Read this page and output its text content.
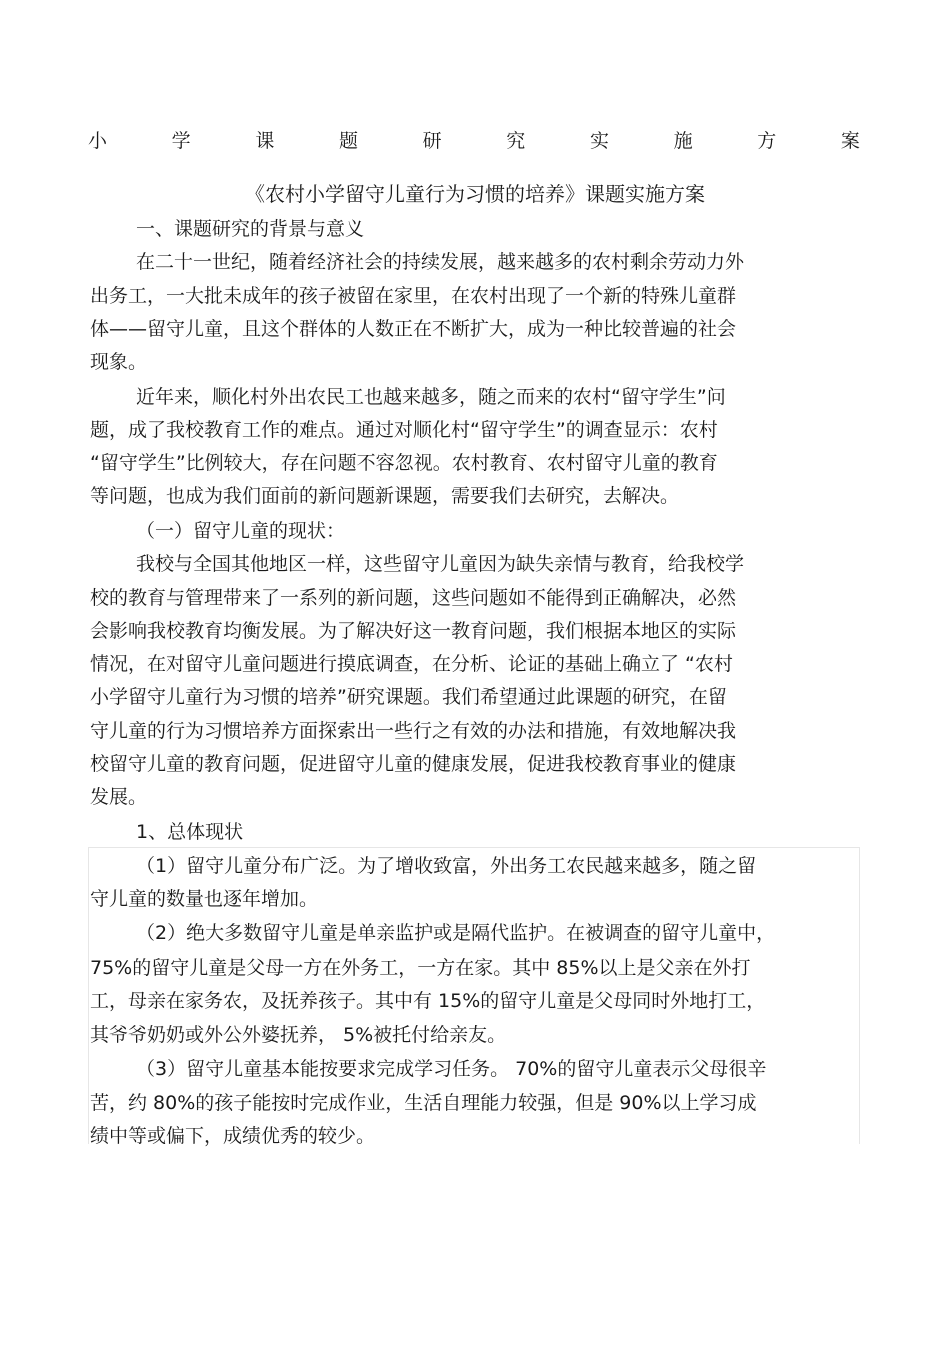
小	学	课	题	研	究	实	施	方	案
《农村小学留守儿童行为习惯的培养》课题实施方案
一、课题研究的背景与意义
在二十一世纪，随着经济社会的持续发展，越来越多的农村剩余劳动力外
出务工，一大批未成年的孩子被留在家里，在农村出现了一个新的特殊儿童群
体——留守儿童，且这个群体的人数正在不断扩大，成为一种比较普遍的社会
现象。
近年来，顺化村外出农民工也越来越多，随之而来的农村“留守学生”问
题，成了我校教育工作的难点。通过对顺化村“留守学生”的调查显示：农村
“留守学生”比例较大，存在问题不容忽视。农村教育、农村留守儿童的教育
等问题，也成为我们面前的新问题新课题，需要我们去研究，去解决。
（一）留守儿童的现状：
我校与全国其他地区一样，这些留守儿童因为缺失亲情与教育，给我校学
校的教育与管理带来了一系列的新问题，这些问题如不能得到正确解决，必然
会影响我校教育均衡发展。为了解决好这一教育问题，我们根据本地区的实际
情况，在对留守儿童问题进行摸底调查，在分析、论证的基础上确立了 “农村
小学留守儿童行为习惯的培养”研究课题。我们希望通过此课题的研究，在留
守儿童的行为习惯培养方面探索出一些行之有效的办法和措施，有效地解决我
校留守儿童的教育问题，促进留守儿童的健康发展，促进我校教育事业的健康
发展。
1、总体现状
（1）留守儿童分布广泛。为了增收致富，外出务工农民越来越多，随之留
守儿童的数量也逐年增加。
（2）绝大多数留守儿童是单亲监护或是隔代监护。在被调查的留守儿童中，
75%的留守儿童是父母一方在外务工，一方在家。其中 85%以上是父亲在外打
工，母亲在家务农，及抚养孩子。其中有 15%的留守儿童是父母同时外地打工，
其爷爷奶奶或外公外婆抚养， 5%被托付给亲友。
（3）留守儿童基本能按要求完成学习任务。 70%的留守儿童表示父母很辛
苦，约 80%的孩子能按时完成作业，生活自理能力较强，但是 90%以上学习成
绩中等或偏下，成绩优秀的较少。
